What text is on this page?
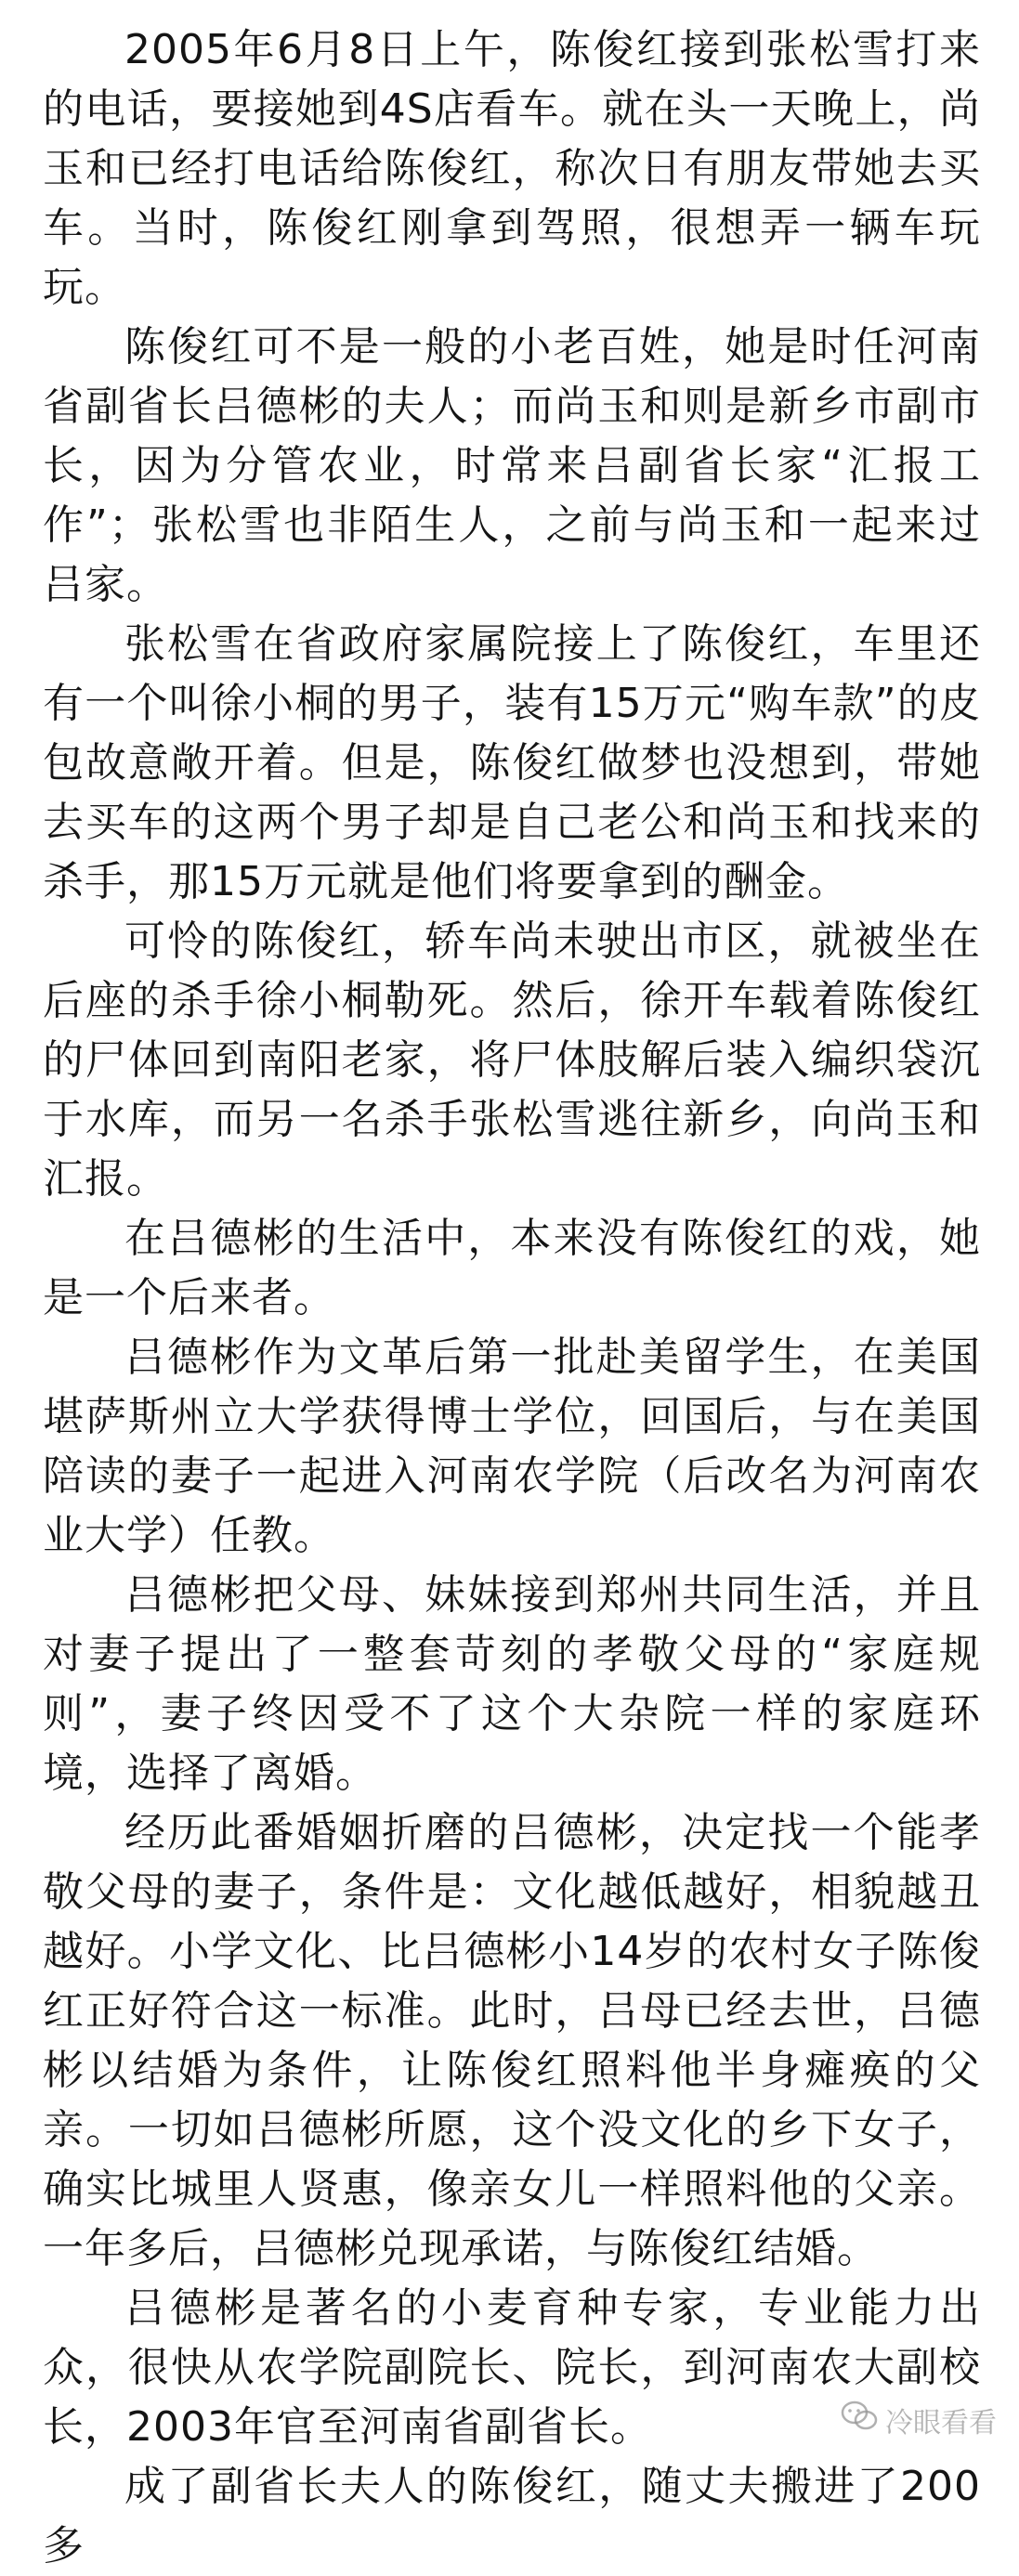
2005年6月8日上午，陈俊红接到张松雪打来的电话，要接她到4S店看车。就在头一天晚上，尚玉和已经打电话给陈俊红，称次日有朋友带她去买车。当时，陈俊红刚拿到驾照，很想弄一辆车玩玩。

陈俊红可不是一般的小老百姓，她是时任河南省副省长吕德彬的夫人；而尚玉和则是新乡市副市长，因为分管农业，时常来吕副省长家“汇报工作”；张松雪也非陌生人，之前与尚玉和一起来过吕家。

张松雪在省政府家属院接上了陈俊红，车里还有一个叫徐小桐的男子，装有15万元“购车款”的皮包故意敞开着。但是，陈俊红做梦也没想到，带她去买车的这两个男子却是自己老公和尚玉和找来的杀手，那15万元就是他们将要拿到的酬金。

可怜的陈俊红，轿车尚未驶出市区，就被坐在后座的杀手徐小桐勒死。然后，徐开车载着陈俊红的尸体回到南阳老家，将尸体肢解后装入编织袋沉于水库，而另一名杀手张松雪逃往新乡，向尚玉和汇报。

在吕德彬的生活中，本来没有陈俊红的戏，她是一个后来者。

吕德彬作为文革后第一批赴美留学生，在美国堪萨斯州立大学获得博士学位，回国后，与在美国陪读的妻子一起进入河南农学院（后改名为河南农业大学）任教。

吕德彬把父母、妹妹接到郑州共同生活，并且对妻子提出了一整套苛刻的孝敬父母的“家庭规则”，妻子终因受不了这个大杂院一样的家庭环境，选择了离婚。

经历此番婚姻折磨的吕德彬，决定找一个能孝敬父母的妻子，条件是：文化越低越好，相貌越丑越好。小学文化、比吕德彬小14岁的农村女子陈俊红正好符合这一标准。此时，吕母已经去世，吕德彬以结婚为条件，让陈俊红照料他半身瘫痪的父亲。一切如吕德彬所愿，这个没文化的乡下女子，确实比城里人贤惠，像亲女儿一样照料他的父亲。一年多后，吕德彬兑现承诺，与陈俊红结婚。

吕德彬是著名的小麦育种专家，专业能力出众，很快从农学院副院长、院长，到河南农大副校长，2003年官至河南省副省长。

成了副省长夫人的陈俊红，随丈夫搬进了200多

冷眼看看
